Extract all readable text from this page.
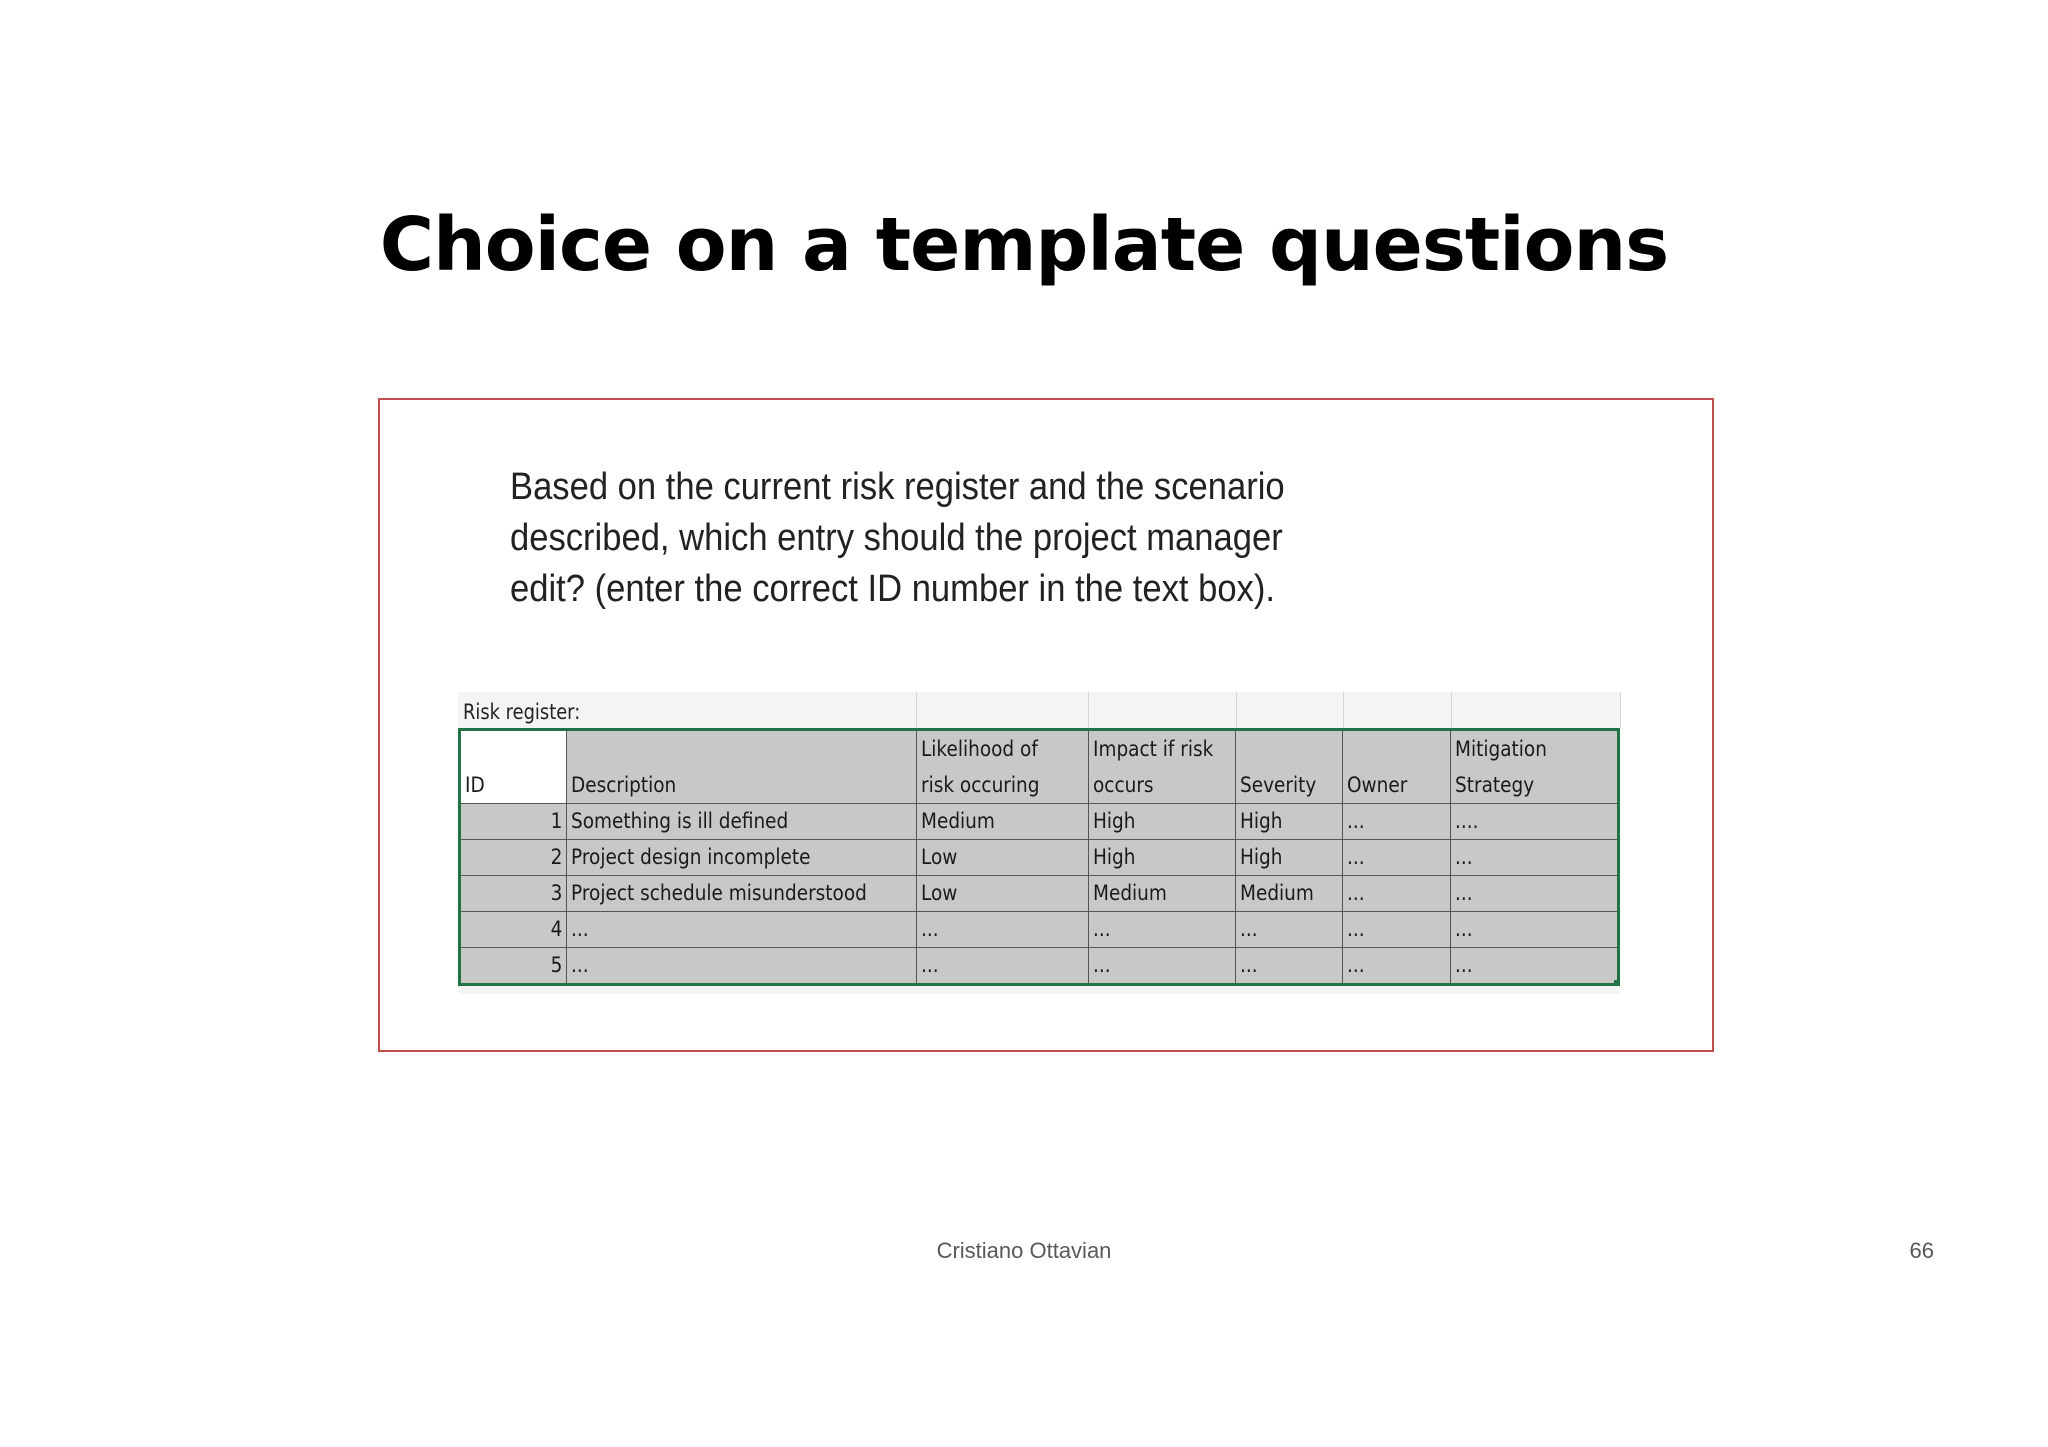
Choice on a template questions
Based on the current risk register and the scenario
described, which entry should the project manager
edit? (enter the correct ID number in the text box).
Risk register:
ID	Description	Likelihood of risk occuring	Impact if risk occurs	Severity	Owner	Mitigation Strategy
1	Something is ill defined	Medium	High	High	...	....
2	Project design incomplete	Low	High	High	...	...
3	Project schedule misunderstood	Low	Medium	Medium	...	...
4	...	...	...	...	...	...
5	...	...	...	...	...	...
Cristiano Ottavian	66
